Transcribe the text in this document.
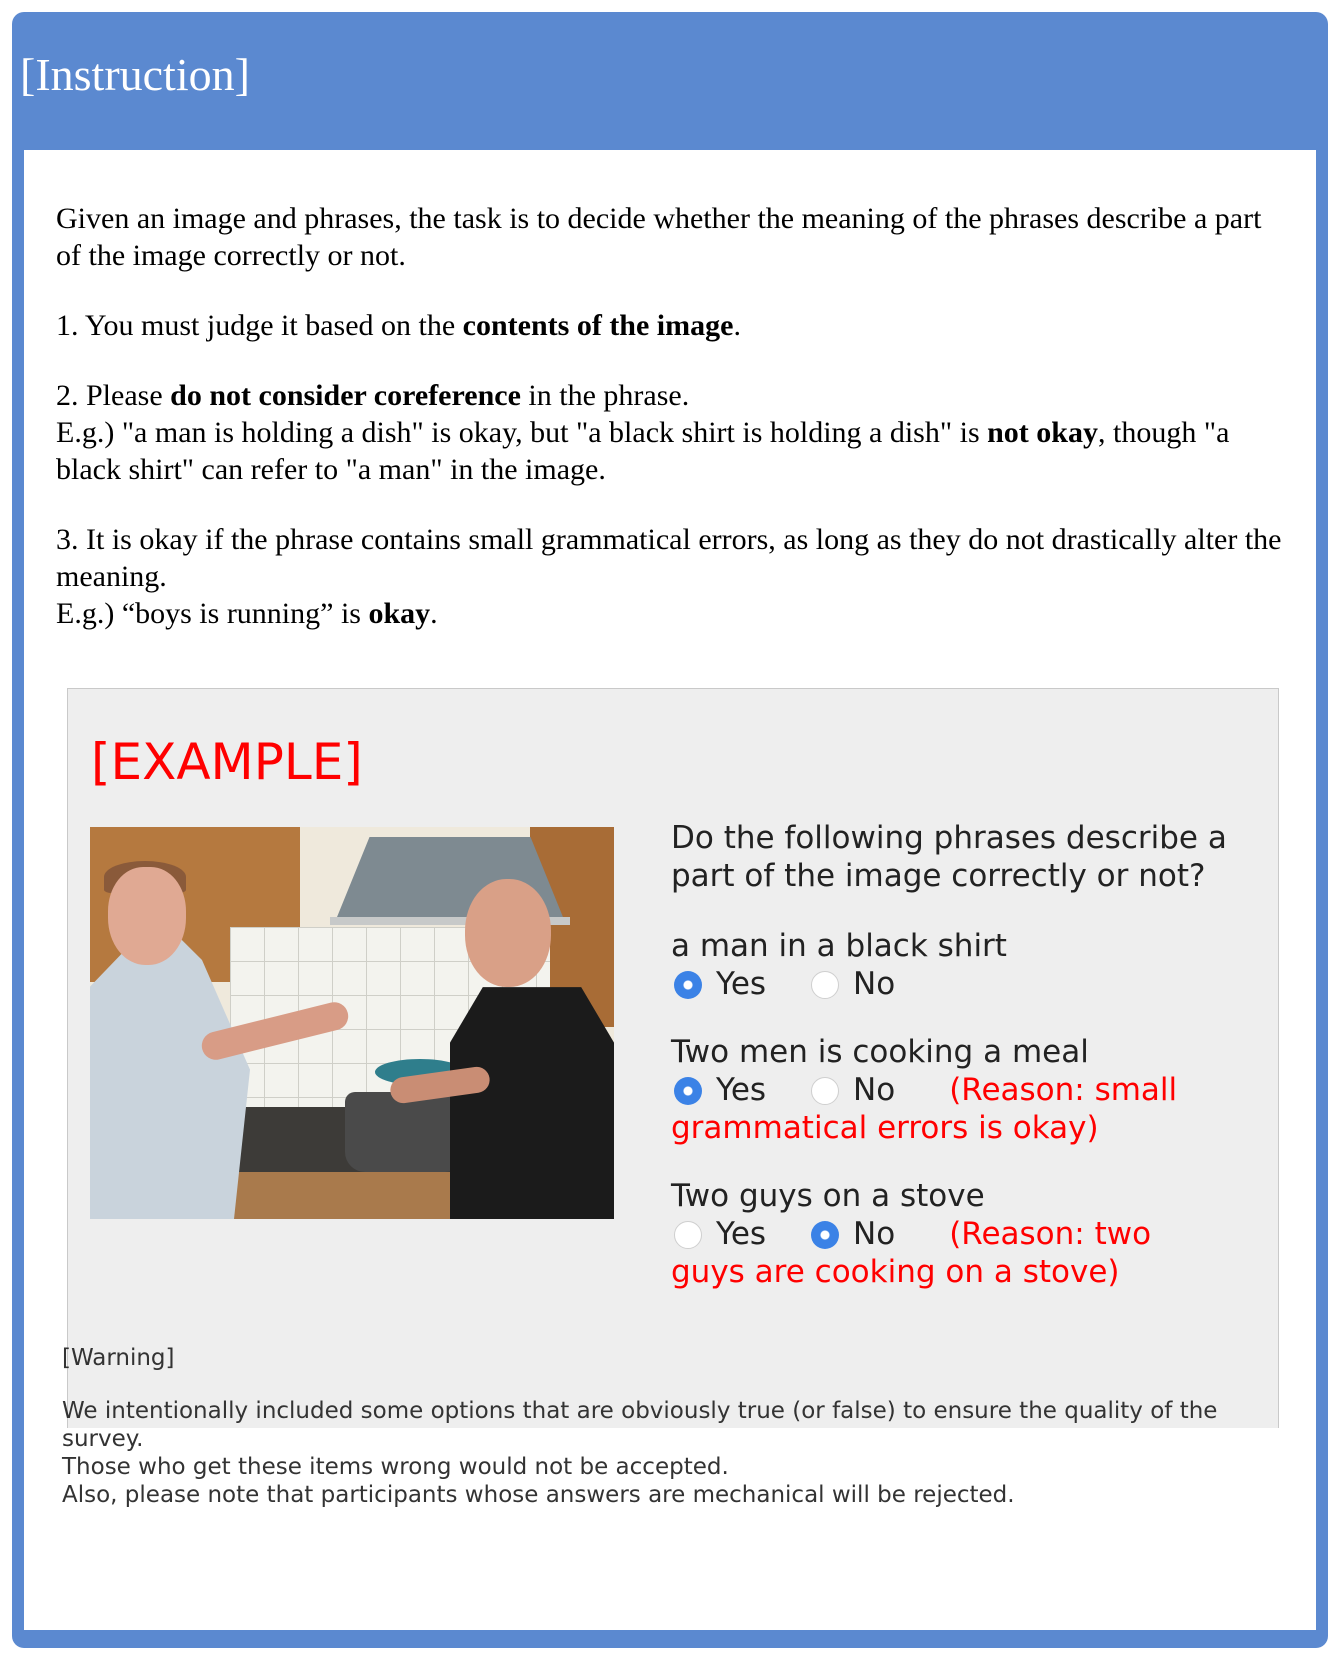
[Instruction]

Given an image and phrases, the task is to decide whether the meaning of the phrases describe a part of the image correctly or not.

1. You must judge it based on the contents of the image.

2. Please do not consider coreference in the phrase.
E.g.) "a man is holding a dish" is okay, but "a black shirt is holding a dish" is not okay, though "a black shirt" can refer to "a man" in the image.

3. It is okay if the phrase contains small grammatical errors, as long as they do not drastically alter the meaning.
E.g.) “boys is running” is okay.

[EXAMPLE]
Do the following phrases describe a part of the image correctly or not?
a man in a black shirt
Yes	No
Two men is cooking a meal
Yes	No (Reason: small
grammatical errors is okay)
Two guys on a stove
Yes	No (Reason: two
guys are cooking on a stove)
[Warning]
We intentionally included some options that are obviously true (or false) to ensure the quality of the survey.
Those who get these items wrong would not be accepted.
Also, please note that participants whose answers are mechanical will be rejected.
